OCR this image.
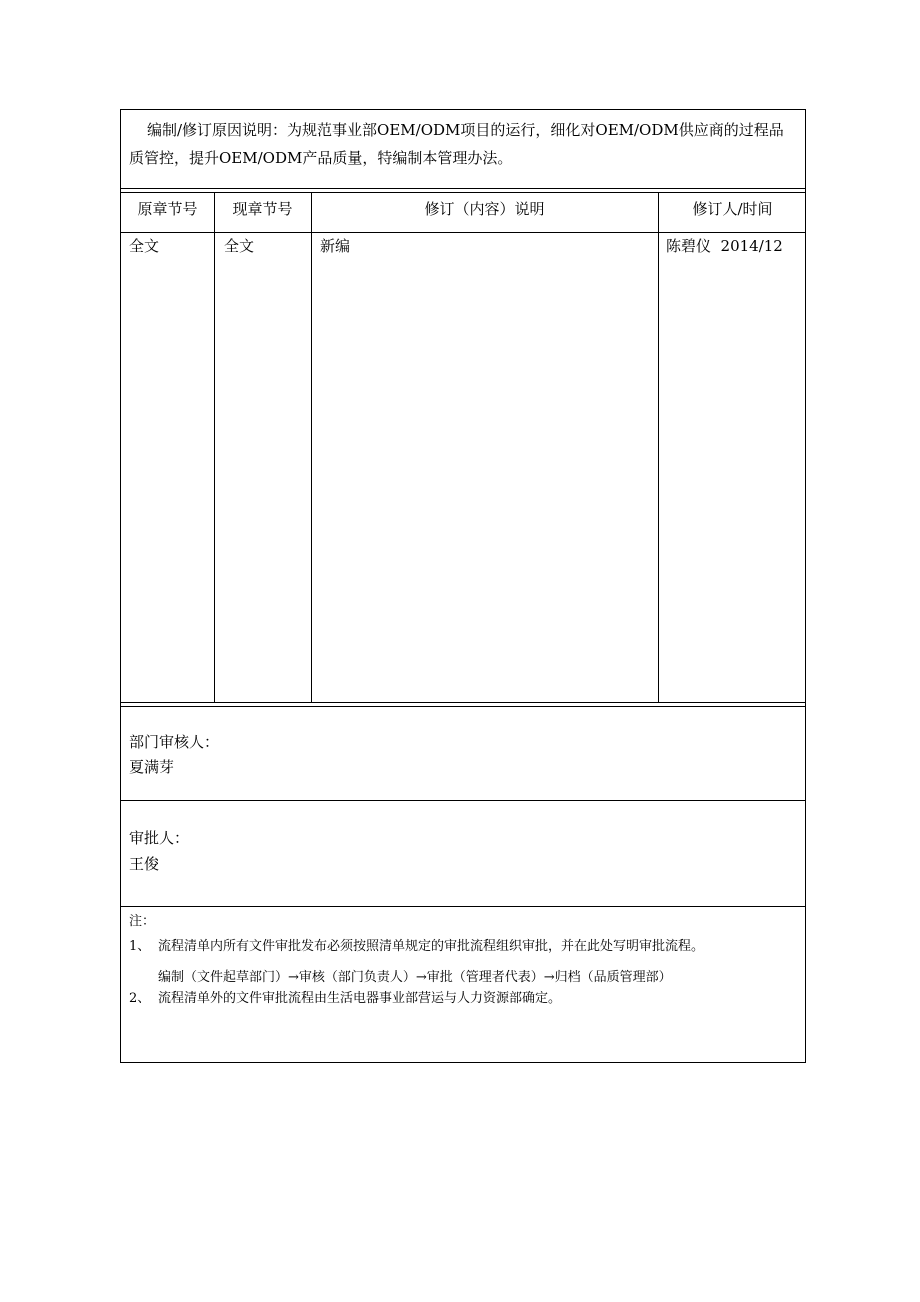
编制/修订原因说明：为规范事业部OEM/ODM项目的运行，细化对OEM/ODM供应商的过程品质管控，提升OEM/ODM产品质量，特编制本管理办法。
原章节号	现章节号	修订（内容）说明	修订人/时间
全文	全文	新编	陈碧仪  2014/12
部门审核人：
夏满芽
审批人：
王俊
注：
1、 流程清单内所有文件审批发布必须按照清单规定的审批流程组织审批，并在此处写明审批流程。
编制（文件起草部门）→审核（部门负责人）→审批（管理者代表）→归档（品质管理部）
2、 流程清单外的文件审批流程由生活电器事业部营运与人力资源部确定。
